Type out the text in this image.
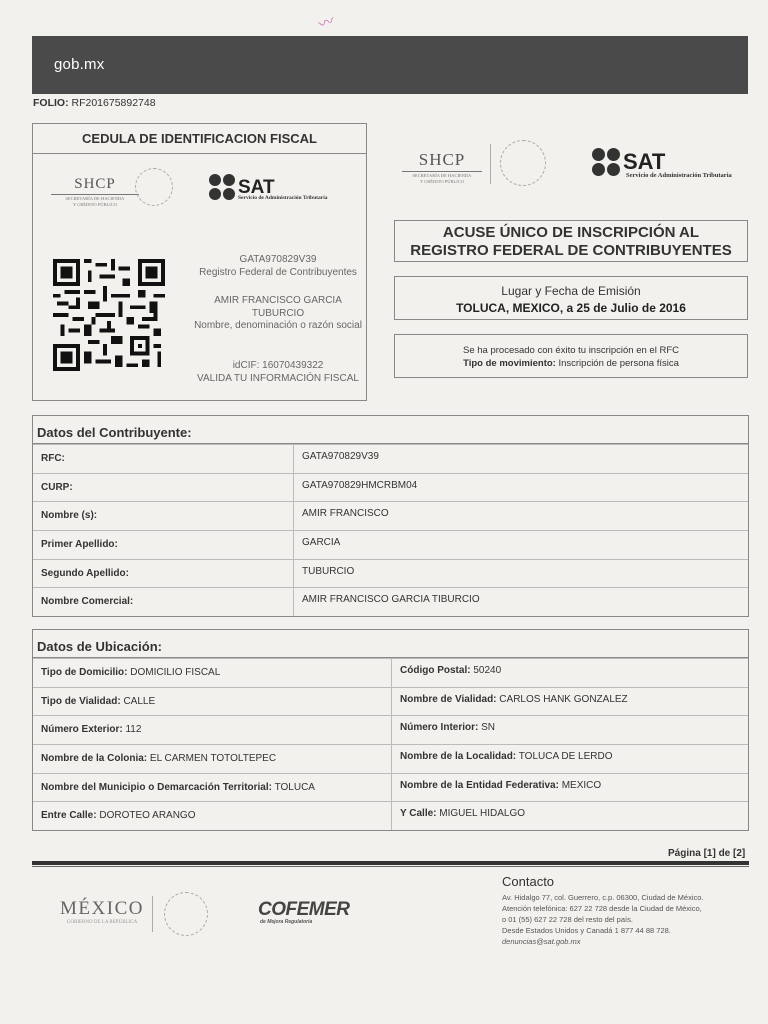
〰
gob.mx
FOLIO: RF201675892748
CEDULA DE IDENTIFICACION FISCAL
SHCP
SECRETARÍA DE HACIENDA
Y CRÉDITO PÚBLICO
SAT
Servicio de Administración Tributaria
GATA970829V39
Registro Federal de Contribuyentes
AMIR FRANCISCO GARCIA TUBURCIO
Nombre, denominación o razón social
idCIF: 16070439322
VALIDA TU INFORMACIÓN FISCAL
SHCP
SECRETARÍA DE HACIENDA
Y CRÉDITO PÚBLICO
SAT
Servicio de Administración Tributaria
ACUSE ÚNICO DE INSCRIPCIÓN AL
REGISTRO FEDERAL DE CONTRIBUYENTES
Lugar y Fecha de Emisión
TOLUCA, MEXICO, a 25 de Julio de 2016
Se ha procesado con éxito tu inscripción en el RFC
Tipo de movimiento: Inscripción de persona física
Datos del Contribuyente:
RFC:	GATA970829V39
CURP:	GATA970829HMCRBM04
Nombre (s):	AMIR FRANCISCO
Primer Apellido:	GARCIA
Segundo Apellido:	TUBURCIO
Nombre Comercial:	AMIR FRANCISCO GARCIA TIBURCIO
Datos de Ubicación:
Tipo de Domicilio: DOMICILIO FISCAL	Código Postal: 50240
Tipo de Vialidad: CALLE	Nombre de Vialidad: CARLOS HANK GONZALEZ
Número Exterior: 112	Número Interior: SN
Nombre de la Colonia: EL CARMEN TOTOLTEPEC	Nombre de la Localidad: TOLUCA DE LERDO
Nombre del Municipio o Demarcación Territorial: TOLUCA	Nombre de la Entidad Federativa: MEXICO
Entre Calle: DOROTEO ARANGO	Y Calle: MIGUEL HIDALGO
Página [1] de [2]
MÉXICO
GOBIERNO DE LA REPÚBLICA
COFEMER
de Mejora Regulatoria
Contacto
Av. Hidalgo 77, col. Guerrero, c.p. 06300, Ciudad de México.
Atención telefónica: 627 22 728 desde la Ciudad de México,
o 01 (55) 627 22 728 del resto del país.
Desde Estados Unidos y Canadá 1 877 44 88 728.
denuncias@sat.gob.mx
